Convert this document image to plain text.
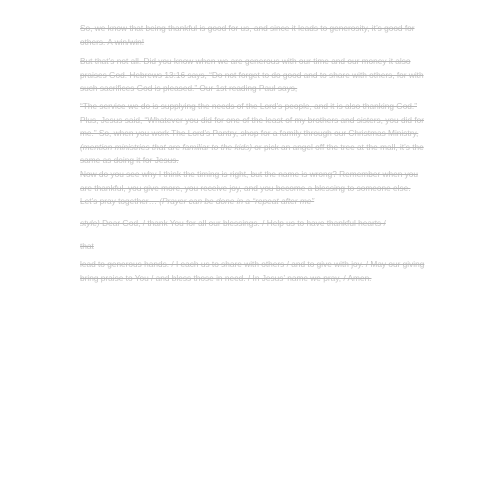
So, we know that being thankful is good for us, and since it leads to generosity, it’s good for others. A win/win!

But that’s not all. Did you know when we are generous with our time and our money it also praises God. Hebrews 13:16 says, “Do not forget to do good and to share with others, for with such sacrifices God is pleased.” Our 1st reading Paul says,

“The service we do is supplying the needs of the Lord’s people, and it is also thanking God.”

Plus, Jesus said, “Whatever you did for one of the least of my brothers and sisters, you did for me.” So, when you work The Lord’s Pantry, shop for a family through our Christmas Ministry, (mention ministries that are familiar to the kids) or pick an angel off the tree at the mall, it’s the same as doing it for Jesus.

Now do you see why I think the timing is right, but the name is wrong? Remember when you are thankful, you give more, you receive joy, and you become a blessing to someone else. Let’s pray together… (Prayer can be done in a “repeat after me”

style) Dear God, / thank You for all our blessings. / Help us to have thankful hearts /

that

lead to generous hands. / I each us to share with others / and to give with joy. / May our giving bring praise to You / and bless those in need. / In Jesus’ name we pray, / Amen.
